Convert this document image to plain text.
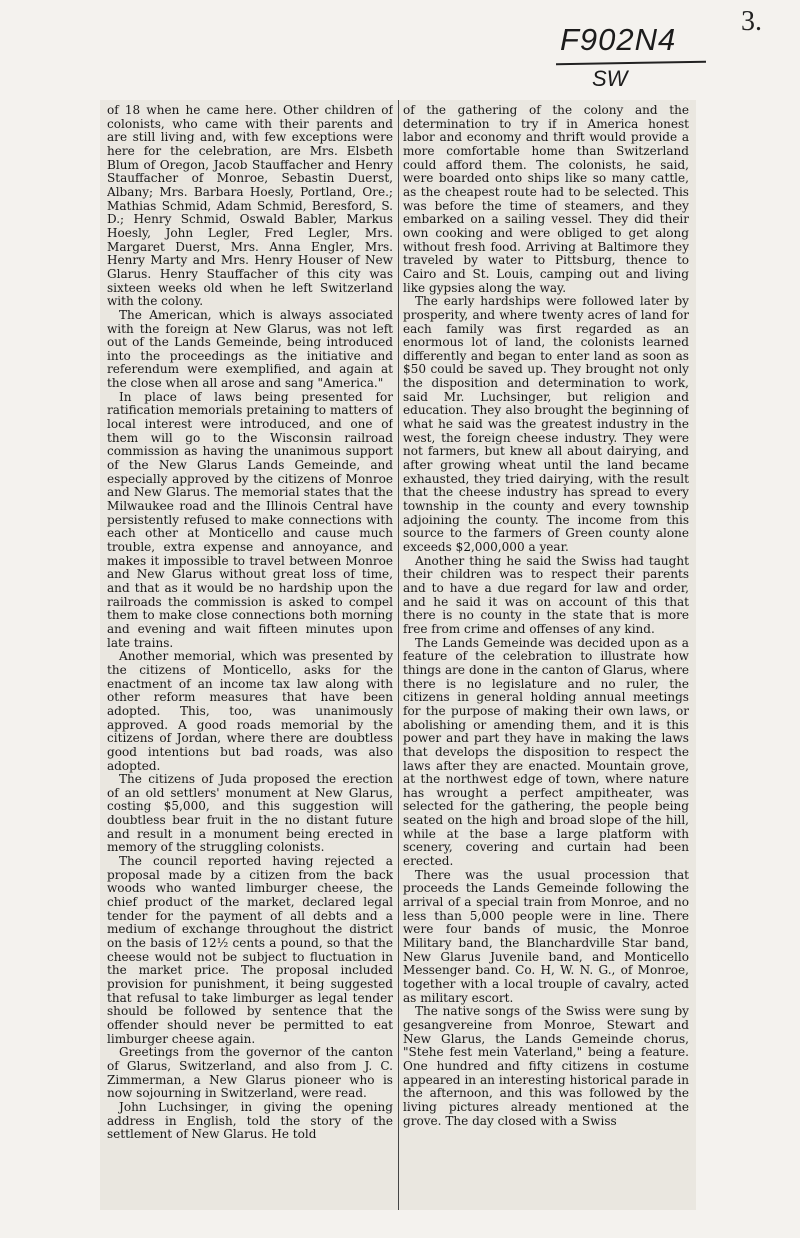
3.
F902N4
SW

of 18 when he came here. Other children of colonists, who came with their parents and are still living and, with few exceptions were here for the celebration, are Mrs. Elsbeth Blum of Oregon, Jacob Stauffacher and Henry Stauffacher of Monroe, Sebastin Duerst, Albany; Mrs. Barbara Hoesly, Portland, Ore.; Mathias Schmid, Adam Schmid, Beresford, S. D.; Henry Schmid, Oswald Babler, Markus Hoesly, John Legler, Fred Legler, Mrs. Margaret Duerst, Mrs. Anna Engler, Mrs. Henry Marty and Mrs. Henry Houser of New Glarus. Henry Stauffacher of this city was sixteen weeks old when he left Switzerland with the colony.

The American, which is always associated with the foreign at New Glarus, was not left out of the Lands Gemeinde, being introduced into the proceedings as the initiative and referendum were exemplified, and again at the close when all arose and sang "America."

In place of laws being presented for ratification memorials pretaining to matters of local interest were introduced, and one of them will go to the Wisconsin railroad commission as having the unanimous support of the New Glarus Lands Gemeinde, and especially approved by the citizens of Monroe and New Glarus. The memorial states that the Milwaukee road and the Illinois Central have persistently refused to make connections with each other at Monticello and cause much trouble, extra expense and annoyance, and makes it impossible to travel between Monroe and New Glarus without great loss of time, and that as it would be no hardship upon the railroads the commission is asked to compel them to make close connections both morning and evening and wait fifteen minutes upon late trains.

Another memorial, which was presented by the citizens of Monticello, asks for the enactment of an income tax law along with other reform measures that have been adopted. This, too, was unanimously approved. A good roads memorial by the citizens of Jordan, where there are doubtless good intentions but bad roads, was also adopted.

The citizens of Juda proposed the erection of an old settlers' monument at New Glarus, costing $5,000, and this suggestion will doubtless bear fruit in the no distant future and result in a monument being erected in memory of the struggling colonists.

The council reported having rejected a proposal made by a citizen from the back woods who wanted limburger cheese, the chief product of the market, declared legal tender for the payment of all debts and a medium of exchange throughout the district on the basis of 12½ cents a pound, so that the cheese would not be subject to fluctuation in the market price. The proposal included provision for punishment, it being suggested that refusal to take limburger as legal tender should be followed by sentence that the offender should never be permitted to eat limburger cheese again.

Greetings from the governor of the canton of Glarus, Switzerland, and also from J. C. Zimmerman, a New Glarus pioneer who is now sojourning in Switzerland, were read.

John Luchsinger, in giving the opening address in English, told the story of the settlement of New Glarus. He told

of the gathering of the colony and the determination to try if in America honest labor and economy and thrift would provide a more comfortable home than Switzerland could afford them. The colonists, he said, were boarded onto ships like so many cattle, as the cheapest route had to be selected. This was before the time of steamers, and they embarked on a sailing vessel. They did their own cooking and were obliged to get along without fresh food. Arriving at Baltimore they traveled by water to Pittsburg, thence to Cairo and St. Louis, camping out and living like gypsies along the way.

The early hardships were followed later by prosperity, and where twenty acres of land for each family was first regarded as an enormous lot of land, the colonists learned differently and began to enter land as soon as $50 could be saved up. They brought not only the disposition and determination to work, said Mr. Luchsinger, but religion and education. They also brought the beginning of what he said was the greatest industry in the west, the foreign cheese industry. They were not farmers, but knew all about dairying, and after growing wheat until the land became exhausted, they tried dairying, with the result that the cheese industry has spread to every township in the county and every township adjoining the county. The income from this source to the farmers of Green county alone exceeds $2,000,000 a year.

Another thing he said the Swiss had taught their children was to respect their parents and to have a due regard for law and order, and he said it was on account of this that there is no county in the state that is more free from crime and offenses of any kind.

The Lands Gemeinde was decided upon as a feature of the celebration to illustrate how things are done in the canton of Glarus, where there is no legislature and no ruler, the citizens in general holding annual meetings for the purpose of making their own laws, or abolishing or amending them, and it is this power and part they have in making the laws that develops the disposition to respect the laws after they are enacted. Mountain grove, at the northwest edge of town, where nature has wrought a perfect ampitheater, was selected for the gathering, the people being seated on the high and broad slope of the hill, while at the base a large platform with scenery, covering and curtain had been erected.

There was the usual procession that proceeds the Lands Gemeinde following the arrival of a special train from Monroe, and no less than 5,000 people were in line. There were four bands of music, the Monroe Military band, the Blanchardville Star band, New Glarus Juvenile band, and Monticello Messenger band. Co. H, W. N. G., of Monroe, together with a local trouple of cavalry, acted as military escort.

The native songs of the Swiss were sung by gesangvereine from Monroe, Stewart and New Glarus, the Lands Gemeinde chorus, "Stehe fest mein Vaterland," being a feature. One hundred and fifty citizens in costume appeared in an interesting historical parade in the afternoon, and this was followed by the living pictures already mentioned at the grove. The day closed with a Swiss
